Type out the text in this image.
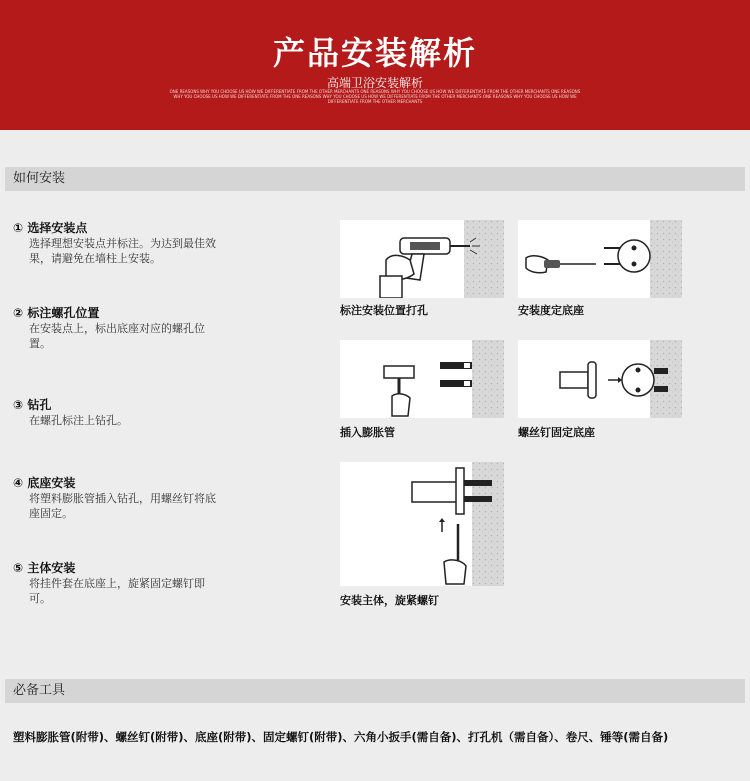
产品安装解析
高端卫浴安装解析
ONE REASONS WHY YOU CHOOSE US HOW WE DIFFERENTIATE FROM THE OTHER MERCHANTS ONE REASONS WHY YOU CHOOSE US HOW WE DIFFERENTIATE FROM THE OTHER MERCHANTS ONE REASONS WHY YOU CHOOSE US HOW WE DIFFERENTIATE FROM THE ONE REASONS WHY YOU CHOOSE US HOW WE DIFFERENTIATE FROM THE OTHER MERCHANTS ONE REASONS WHY YOU CHOOSE US HOW WE DIFFERENTIATE FROM THE OTHER MERCHANTS
如何安装
① 选择安装点
选择理想安装点并标注。为达到最佳效果，请避免在墙柱上安装。
② 标注螺孔位置
在安装点上，标出底座对应的螺孔位置。
③ 钻孔
在螺孔标注上钻孔。
④ 底座安装
将塑料膨胀管插入钻孔，用螺丝钉将底座固定。
⑤ 主体安装
将挂件套在底座上，旋紧固定螺钉即可。
标注安装位置打孔	安装度定底座
插入膨胀管	螺丝钉固定底座
安装主体，旋紧螺钉
必备工具
塑料膨胀管(附带)、螺丝钉(附带)、底座(附带)、固定螺钉(附带)、六角小扳手(需自备)、打孔机（需自备）、卷尺、锤等(需自备)
